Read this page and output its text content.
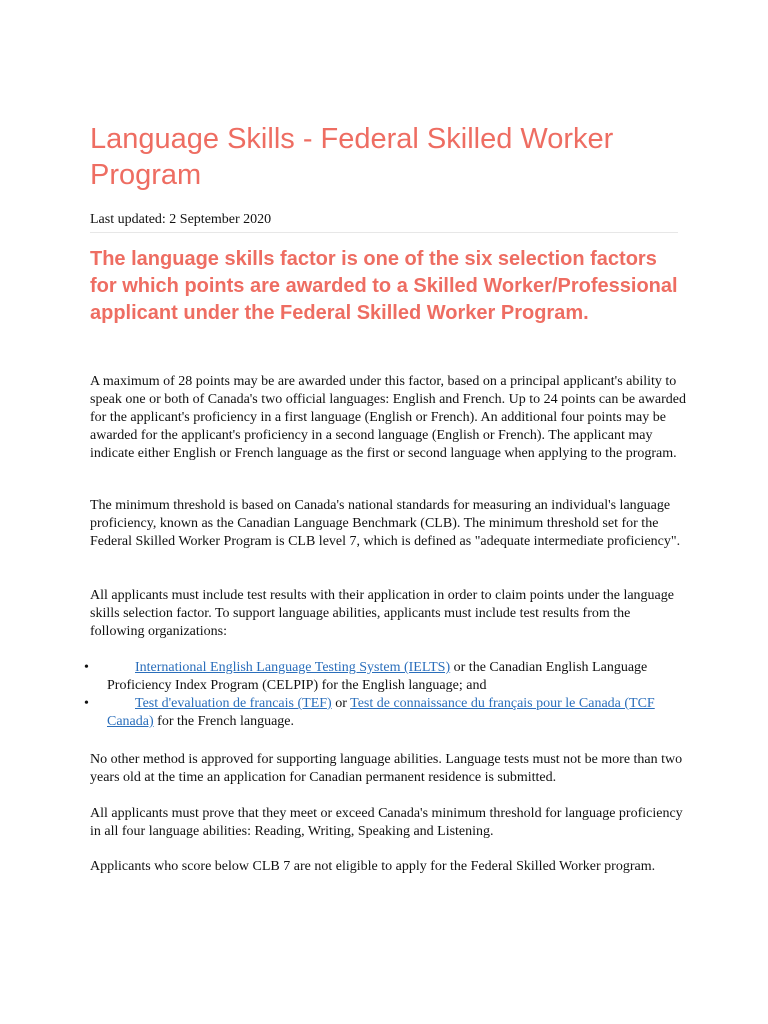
Language Skills - Federal Skilled Worker Program
Last updated: 2 September 2020
The language skills factor is one of the six selection factors for which points are awarded to a Skilled Worker/Professional applicant under the Federal Skilled Worker Program.

A maximum of 28 points may be are awarded under this factor, based on a principal applicant's ability to speak one or both of Canada's two official languages: English and French. Up to 24 points can be awarded for the applicant's proficiency in a first language (English or French). An additional four points may be awarded for the applicant's proficiency in a second language (English or French). The applicant may indicate either English or French language as the first or second language when applying to the program.

The minimum threshold is based on Canada's national standards for measuring an individual's language proficiency, known as the Canadian Language Benchmark (CLB). The minimum threshold set for the Federal Skilled Worker Program is CLB level 7, which is defined as "adequate intermediate proficiency".

All applicants must include test results with their application in order to claim points under the language skills selection factor. To support language abilities, applicants must include test results from the following organizations:

•	International English Language Testing System (IELTS) or the Canadian English Language Proficiency Index Program (CELPIP) for the English language; and
•	Test d'evaluation de francais (TEF) or Test de connaissance du français pour le Canada (TCF Canada) for the French language.

No other method is approved for supporting language abilities. Language tests must not be more than two years old at the time an application for Canadian permanent residence is submitted.

All applicants must prove that they meet or exceed Canada's minimum threshold for language proficiency in all four language abilities: Reading, Writing, Speaking and Listening.

Applicants who score below CLB 7 are not eligible to apply for the Federal Skilled Worker program.
